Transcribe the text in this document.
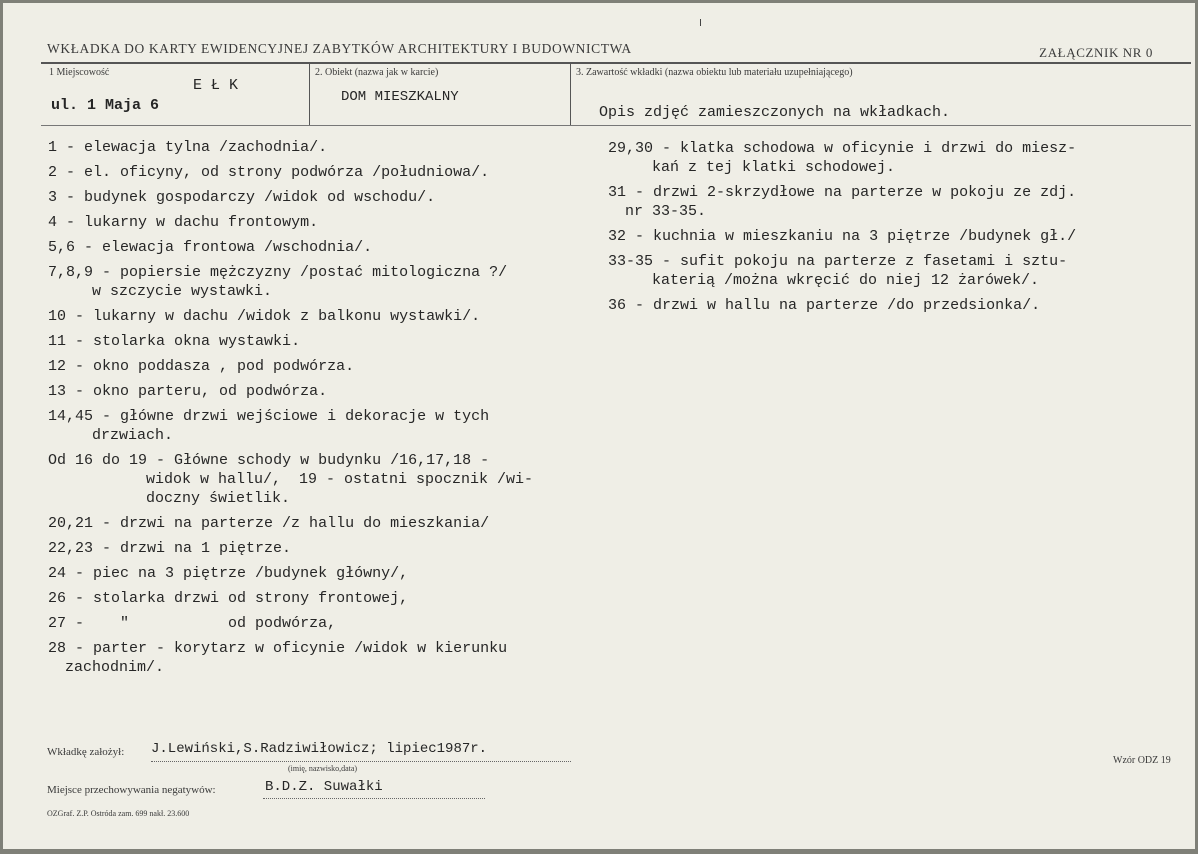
WKŁADKA DO KARTY EWIDENCYJNEJ ZABYTKÓW ARCHITEKTURY I BUDOWNICTWA	ZAŁĄCZNIK NR 0
1 Miejscowość
E Ł K
ul. 1 Maja 6
2. Obiekt (nazwa jak w karcie)
DOM MIESZKALNY
3. Zawartość wkładki (nazwa obiektu lub materiału uzupełniającego)
Opis zdjęć zamieszczonych na wkładkach.
1 - elewacja tylna /zachodnia/.
2 - el. oficyny, od strony podwórza /południowa/.
3 - budynek gospodarczy /widok od wschodu/.
4 - lukarny w dachu frontowym.
5,6 - elewacja frontowa /wschodnia/.
7,8,9 - popiersie mężczyzny /postać mitologiczna ?/
w szczycie wystawki.
10 - lukarny w dachu /widok z balkonu wystawki/.
11 - stolarka okna wystawki.
12 - okno poddasza , pod podwórza.
13 - okno parteru, od podwórza.
14,45 - główne drzwi wejściowe i dekoracje w tych
drzwiach.
Od 16 do 19 - Główne schody w budynku /16,17,18 -
widok w hallu/,  19 - ostatni spocznik /wi-
doczny świetlik.
20,21 - drzwi na parterze /z hallu do mieszkania/
22,23 - drzwi na 1 piętrze.
24 - piec na 3 piętrze /budynek główny/,
26 - stolarka drzwi od strony frontowej,
27 -    "           od podwórza,
28 - parter - korytarz w oficynie /widok w kierunku
zachodnim/.
29,30 - klatka schodowa w oficynie i drzwi do miesz-
kań z tej klatki schodowej.
31 - drzwi 2-skrzydłowe na parterze w pokoju ze zdj.
nr 33-35.
32 - kuchnia w mieszkaniu na 3 piętrze /budynek gł./
33-35 - sufit pokoju na parterze z fasetami i sztu-
katerią /można wkręcić do niej 12 żarówek/.
36 - drzwi w hallu na parterze /do przedsionka/.
Wkładkę założył: J.Lewiński,S.Radziwiłowicz; lipiec1987r.
(imię, nazwisko,data)
Miejsce przechowywania negatywów:	B.D.Z. Suwałki
OZGraf. Z.P. Ostróda zam. 699 nakł. 23.600
Wzór ODZ 19
